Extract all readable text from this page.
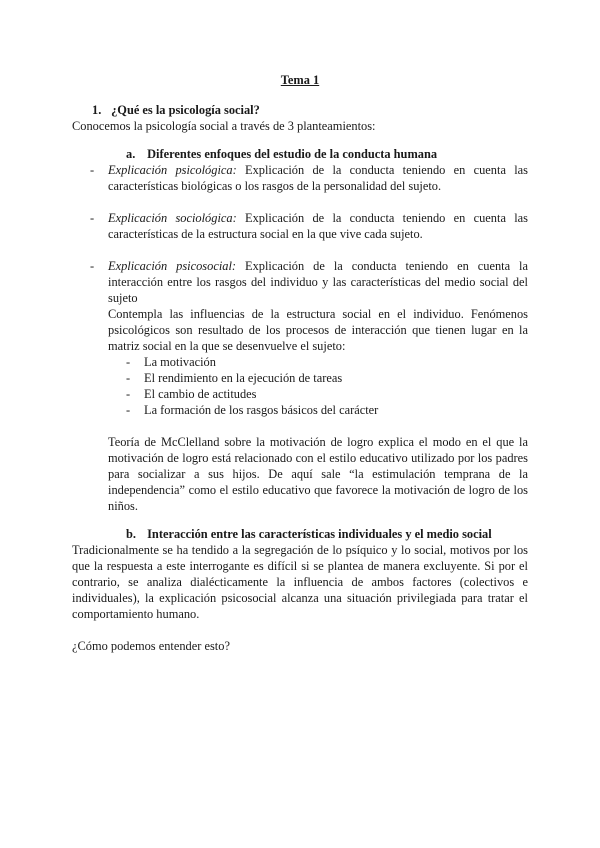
Tema 1

1. ¿Qué es la psicología social?

Conocemos la psicología social a través de 3 planteamientos:

a. Diferentes enfoques del estudio de la conducta humana

- Explicación psicológica: Explicación de la conducta teniendo en cuenta las características biológicas o los rasgos de la personalidad del sujeto.
- Explicación sociológica: Explicación de la conducta teniendo en cuenta las características de la estructura social en la que vive cada sujeto.
- Explicación psicosocial: Explicación de la conducta teniendo en cuenta la interacción entre los rasgos del individuo y las características del medio social del sujeto

Contempla las influencias de la estructura social en el individuo. Fenómenos psicológicos son resultado de los procesos de interacción que tienen lugar en la matriz social en la que se desenvuelve el sujeto:

- La motivación
- El rendimiento en la ejecución de tareas
- El cambio de actitudes
- La formación de los rasgos básicos del carácter

Teoría de McClelland sobre la motivación de logro explica el modo en el que la motivación de logro está relacionado con el estilo educativo utilizado por los padres para socializar a sus hijos. De aquí sale “la estimulación temprana de la independencia” como el estilo educativo que favorece la motivación de logro de los niños.

b. Interacción entre las características individuales y el medio social

Tradicionalmente se ha tendido a la segregación de lo psíquico y lo social, motivos por los que la respuesta a este interrogante es difícil si se plantea de manera excluyente. Si por el contrario, se analiza dialécticamente la influencia de ambos factores (colectivos e individuales), la explicación psicosocial alcanza una situación privilegiada para tratar el comportamiento humano.

¿Cómo podemos entender esto?
